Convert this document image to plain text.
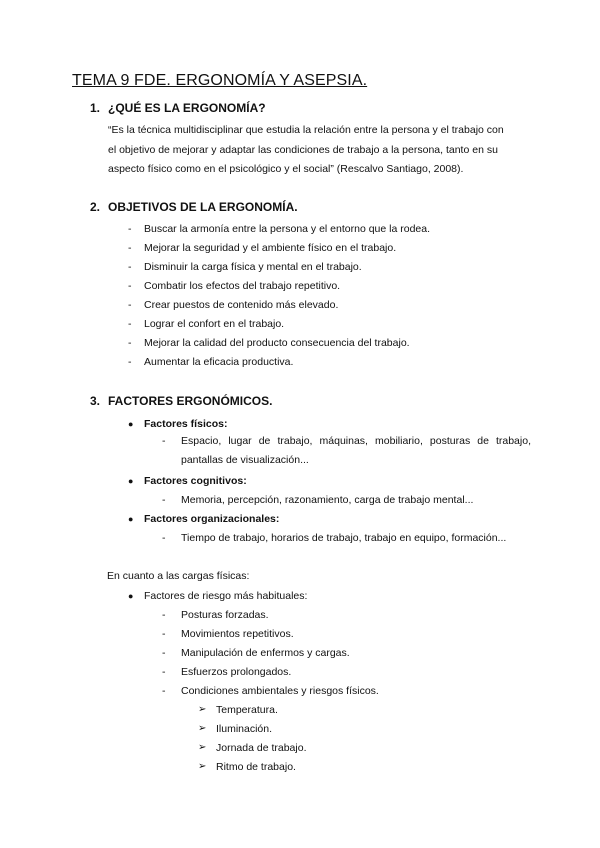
TEMA 9 FDE. ERGONOMÍA Y ASEPSIA.
1. ¿QUÉ ES LA ERGONOMÍA?

“Es la técnica multidisciplinar que estudia la relación entre la persona y el trabajo con

el objetivo de mejorar y adaptar las condiciones de trabajo a la persona, tanto en su

aspecto físico como en el psicológico y el social” (Rescalvo Santiago, 2008).

2. OBJETIVOS DE LA ERGONOMÍA.
- Buscar la armonía entre la persona y el entorno que la rodea.
- Mejorar la seguridad y el ambiente físico en el trabajo.
- Disminuir la carga física y mental en el trabajo.
- Combatir los efectos del trabajo repetitivo.
- Crear puestos de contenido más elevado.
- Lograr el confort en el trabajo.
- Mejorar la calidad del producto consecuencia del trabajo.
- Aumentar la eficacia productiva.
3. FACTORES ERGONÓMICOS.
● Factores físicos:
- Espacio, lugar de trabajo, máquinas, mobiliario, posturas de trabajo, pantallas de visualización...
● Factores cognitivos:
- Memoria, percepción, razonamiento, carga de trabajo mental...
● Factores organizacionales:
- Tiempo de trabajo, horarios de trabajo, trabajo en equipo, formación...
En cuanto a las cargas físicas:
● Factores de riesgo más habituales:
- Posturas forzadas.
- Movimientos repetitivos.
- Manipulación de enfermos y cargas.
- Esfuerzos prolongados.
- Condiciones ambientales y riesgos físicos.
➢ Temperatura.
➢ Iluminación.
➢ Jornada de trabajo.
➢ Ritmo de trabajo.
